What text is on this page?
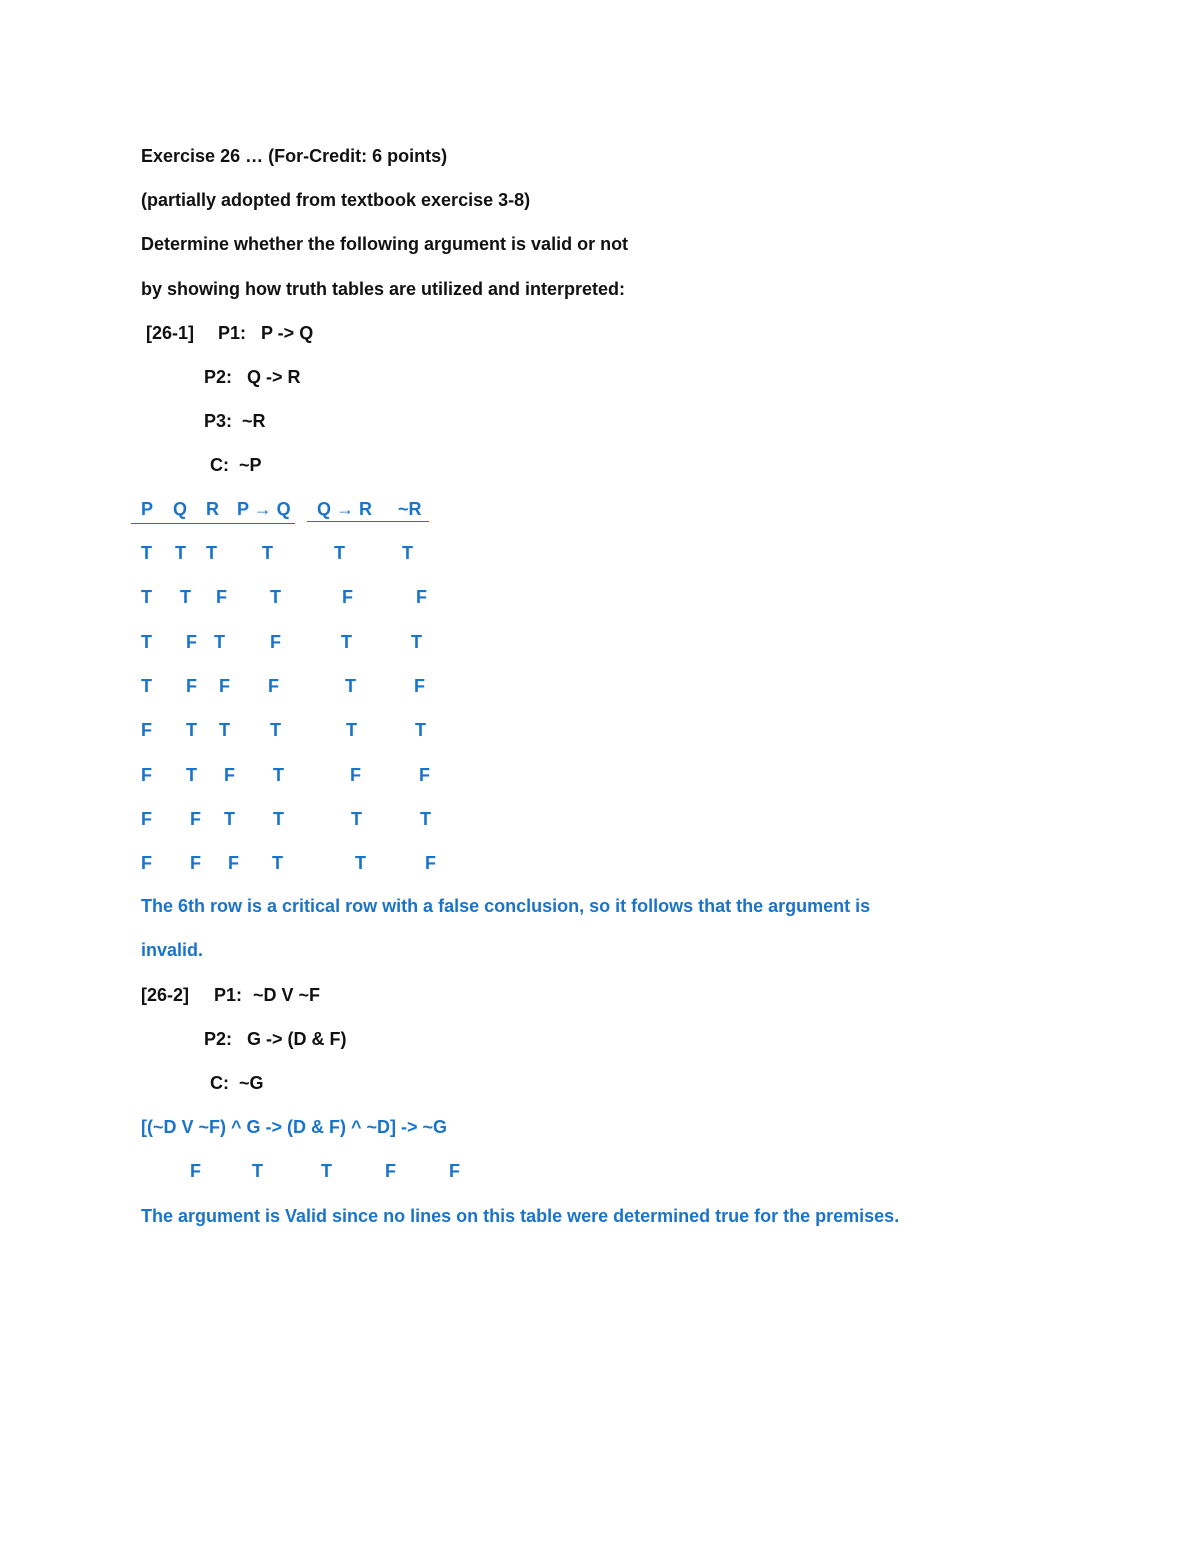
Exercise 26 … (For-Credit: 6 points)
(partially adopted from textbook exercise 3-8)
Determine whether the following argument is valid or not
by showing how truth tables are utilized and interpreted:
[26-1] P1: P -> Q
P2:   Q -> R
P3:  ~R
C:  ~P
P Q R P → Q Q → R ~R
T T T	T	T	T
T T F T	F	F
T F T	F	T	T
T F F F	T	F
F T T T	T	T
F T F T	F	F
F F T T	T	T
F F F T	T	F
The 6th row is a critical row with a false conclusion, so it follows that the argument is
invalid.
[26-2] P1: ~D V ~F
P2:   G -> (D & F)
C:  ~G
[(~D V ~F) ^ G -> (D & F) ^ ~D] -> ~G
F	T	T	F	F
The argument is Valid since no lines on this table were determined true for the premises.
